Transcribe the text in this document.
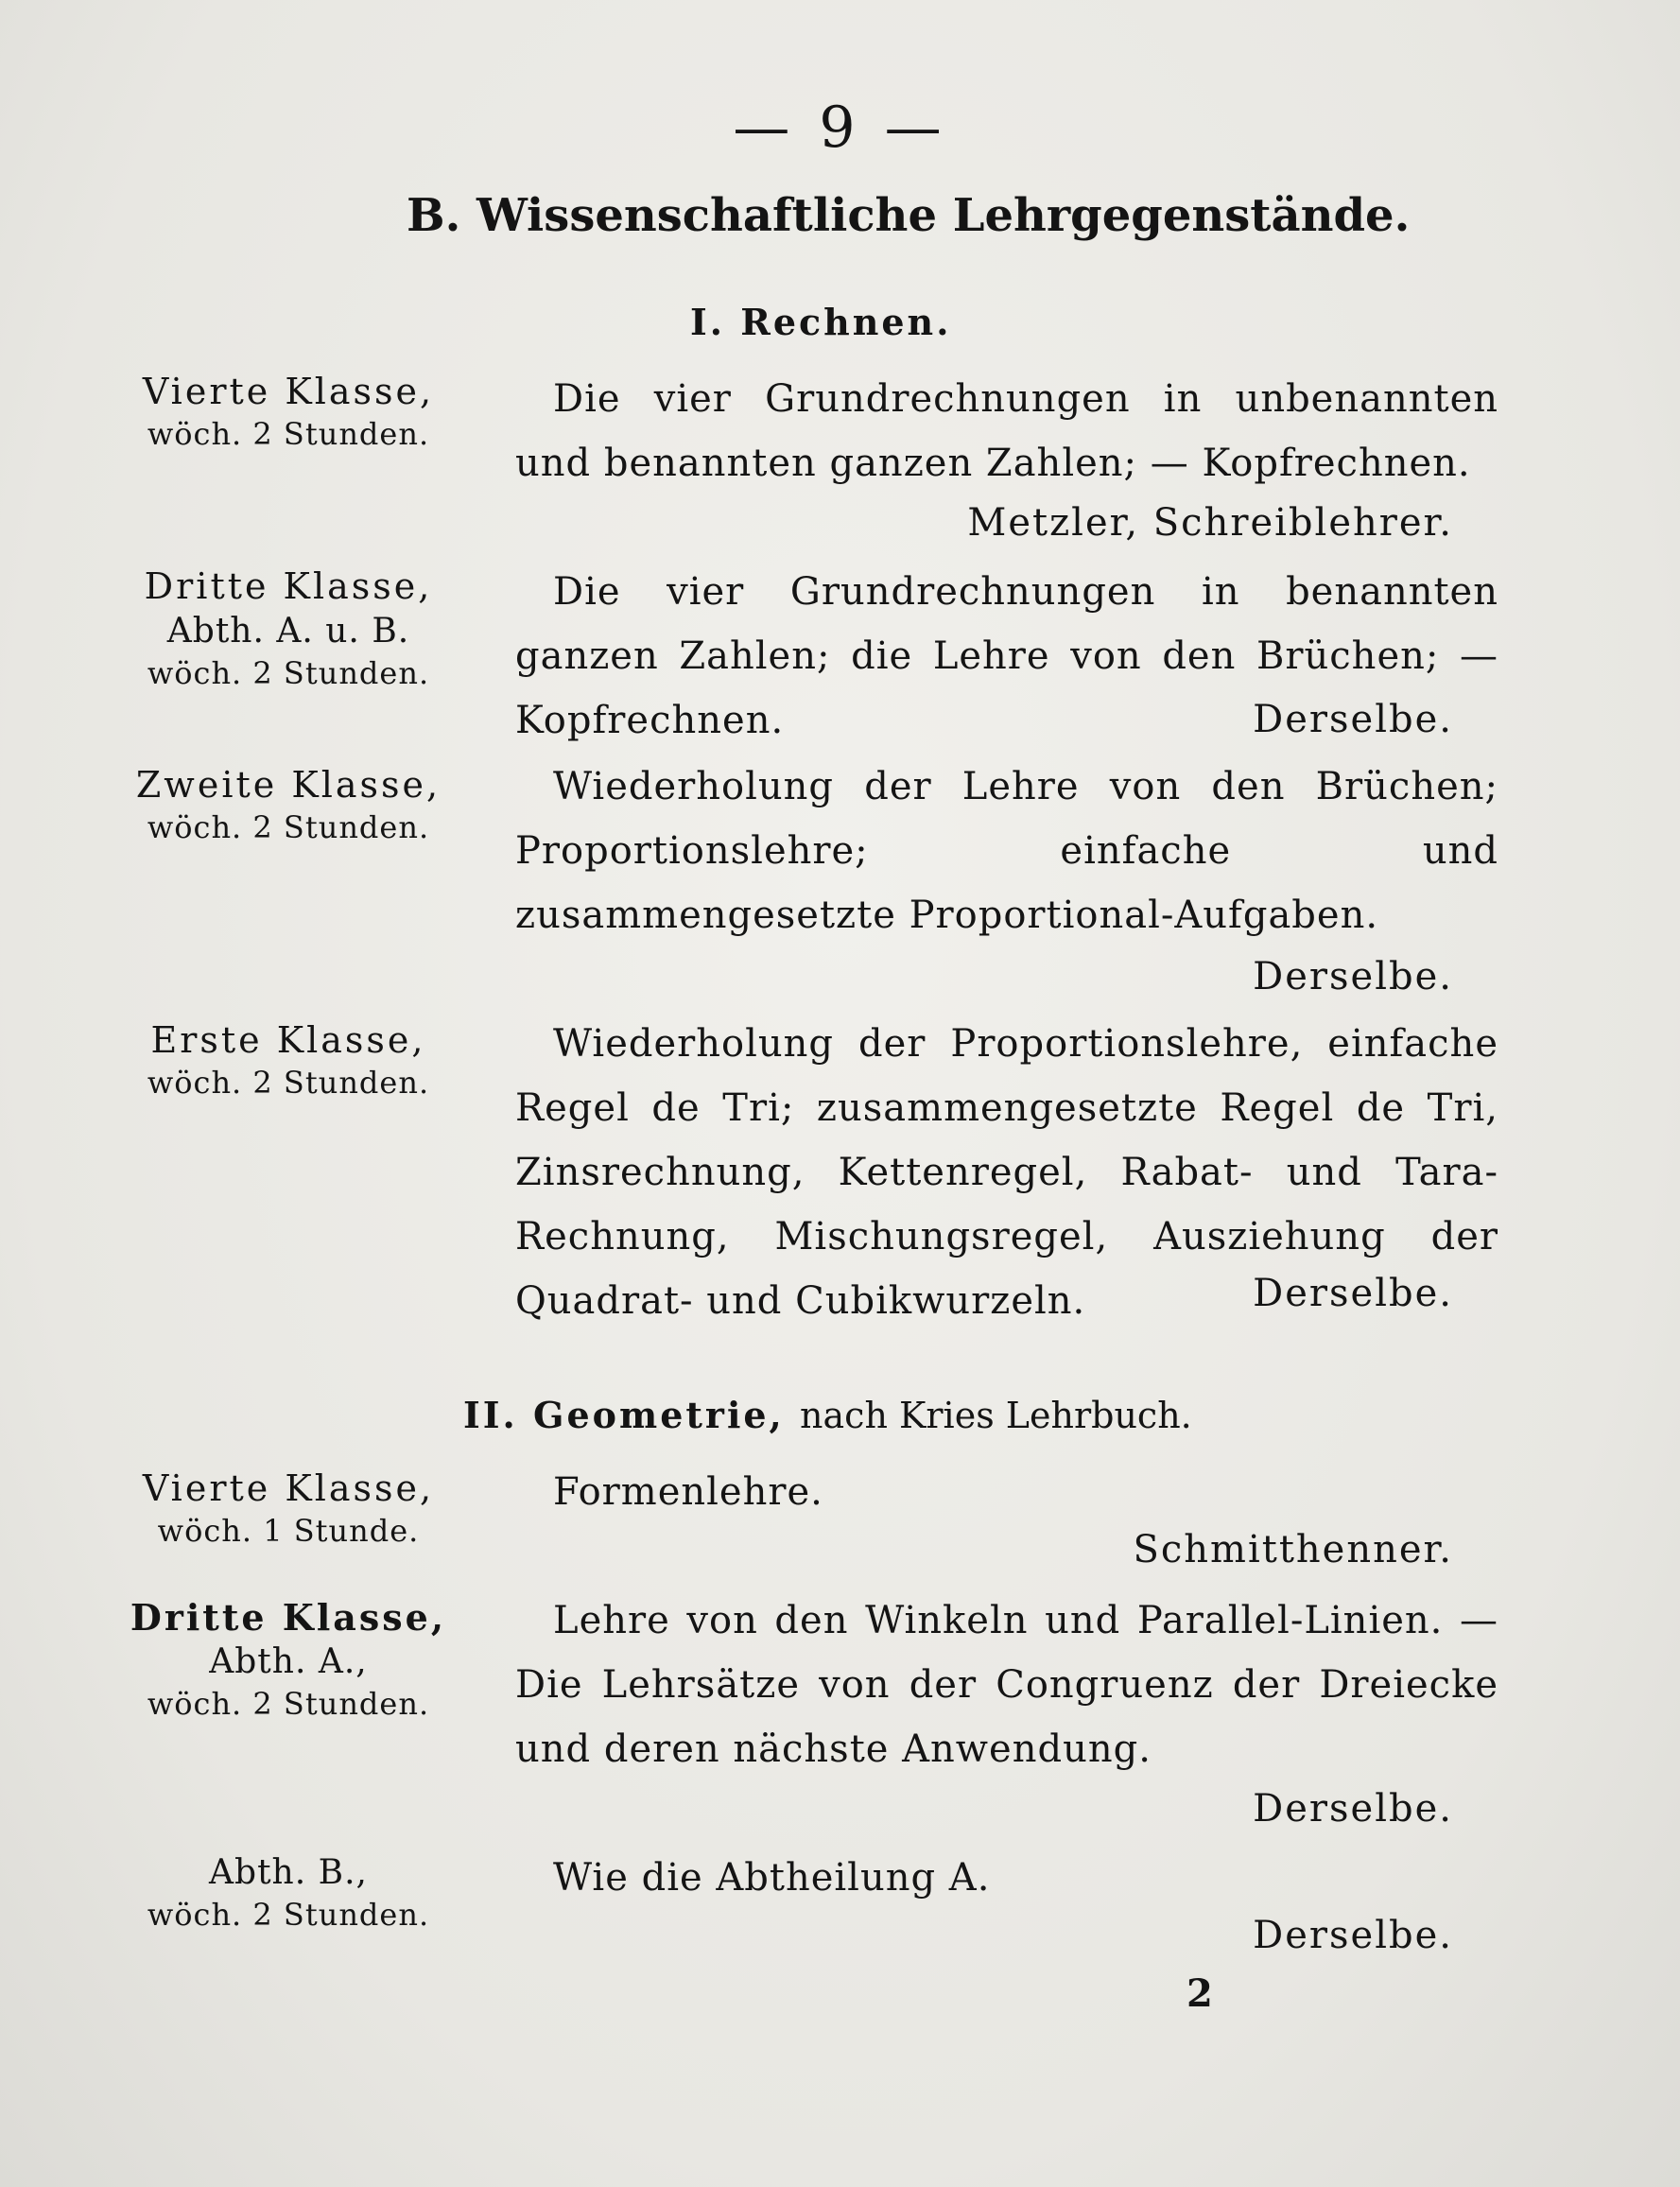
— 9 —
B. Wissenschaftliche Lehrgegenstände.
I. Rechnen.
Vierte Klasse,
wöch. 2 Stunden.
Die vier Grundrechnungen in unbenannten und benannten ganzen Zahlen; — Kopfrechnen.
Metzler, Schreiblehrer.
Dritte Klasse,
Abth. A. u. B.
wöch. 2 Stunden.
Die vier Grundrechnungen in benannten ganzen Zahlen; die Lehre von den Brüchen; — Kopfrechnen.	Derselbe.
Zweite Klasse,
wöch. 2 Stunden.
Wiederholung der Lehre von den Brüchen; Proportionslehre; einfache und zusammengesetzte Proportional-Aufgaben.
Derselbe.
Erste Klasse,
wöch. 2 Stunden.
Wiederholung der Proportionslehre, einfache Regel de Tri; zusammengesetzte Regel de Tri, Zinsrechnung, Kettenregel, Rabat- und Tara-Rechnung, Mischungsregel, Ausziehung der Quadrat- und Cubikwurzeln.	Derselbe.
II. Geometrie, nach Kries Lehrbuch.
Vierte Klasse,
wöch. 1 Stunde.
Formenlehre.
Schmitthenner.
Dritte Klasse,
Abth. A.,
wöch. 2 Stunden.
Lehre von den Winkeln und Parallel-Linien. — Die Lehrsätze von der Congruenz der Dreiecke und deren nächste Anwendung.
Derselbe.
Abth. B.,
wöch. 2 Stunden.
Wie die Abtheilung A.
Derselbe.
2
